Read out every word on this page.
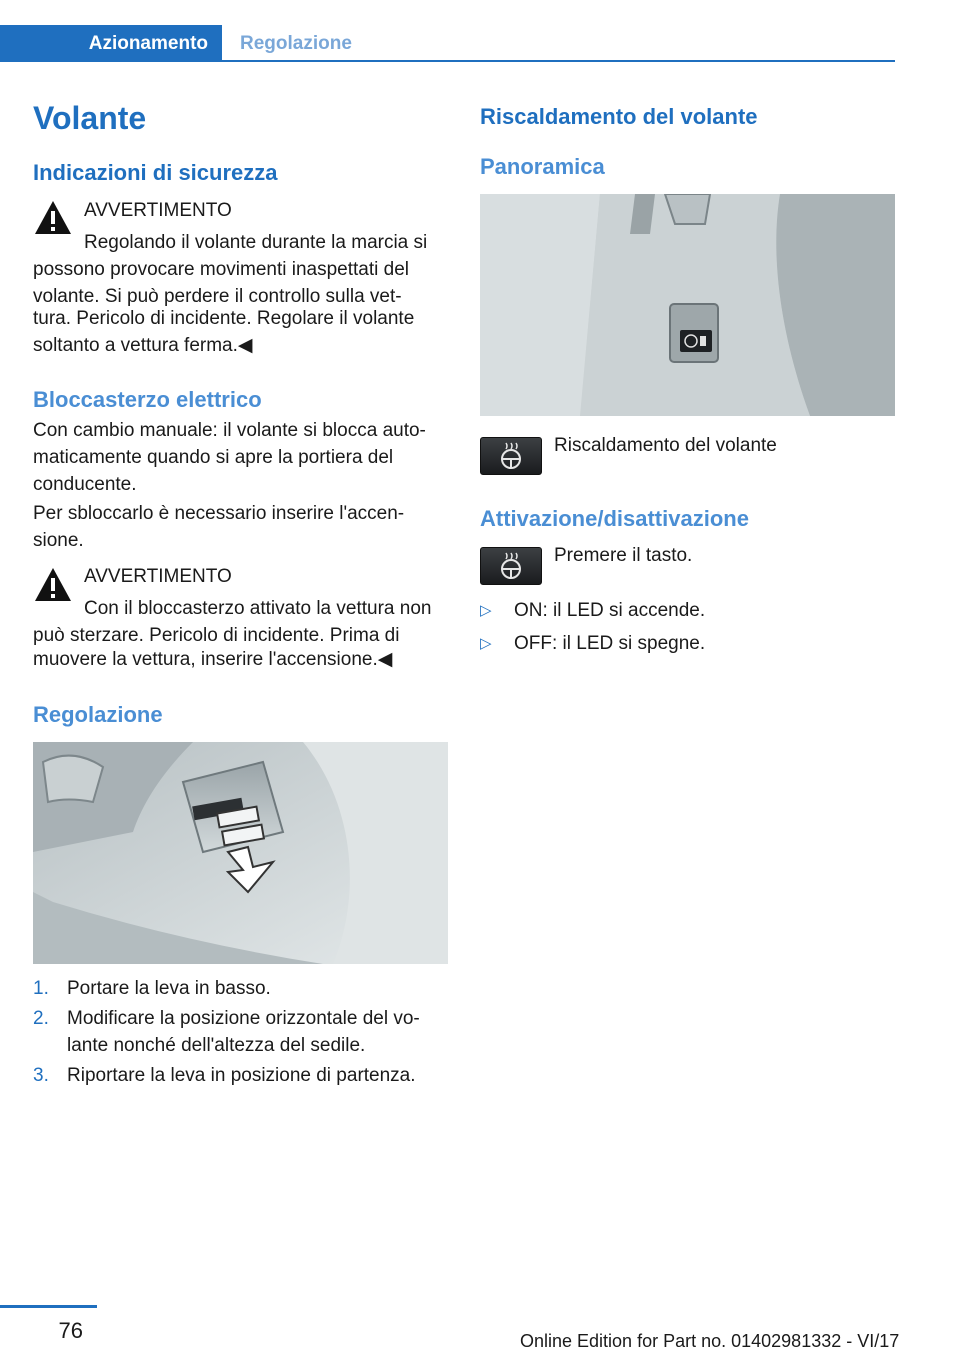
Azionamento	Regolazione
Volante
Indicazioni di sicurezza
AVVERTIMENTO
Regolando il volante durante la marcia si
possono provocare movimenti inaspettati del
volante. Si può perdere il controllo sulla vet‐
tura. Pericolo di incidente. Regolare il volante
soltanto a vettura ferma.◀
Bloccasterzo elettrico
Con cambio manuale: il volante si blocca auto‐
maticamente quando si apre la portiera del
conducente.
Per sbloccarlo è necessario inserire l'accen‐
sione.
AVVERTIMENTO
Con il bloccasterzo attivato la vettura non
può sterzare. Pericolo di incidente. Prima di
muovere la vettura, inserire l'accensione.◀
Regolazione
1. Portare la leva in basso.
2. Modificare la posizione orizzontale del vo‐
lante nonché dell'altezza del sedile.
3. Riportare la leva in posizione di partenza.
Riscaldamento del volante
Panoramica
Riscaldamento del volante
Attivazione/disattivazione
Premere il tasto.
▷	ON: il LED si accende.
▷	OFF: il LED si spegne.
76	Online Edition for Part no. 01402981332 - VI/17
